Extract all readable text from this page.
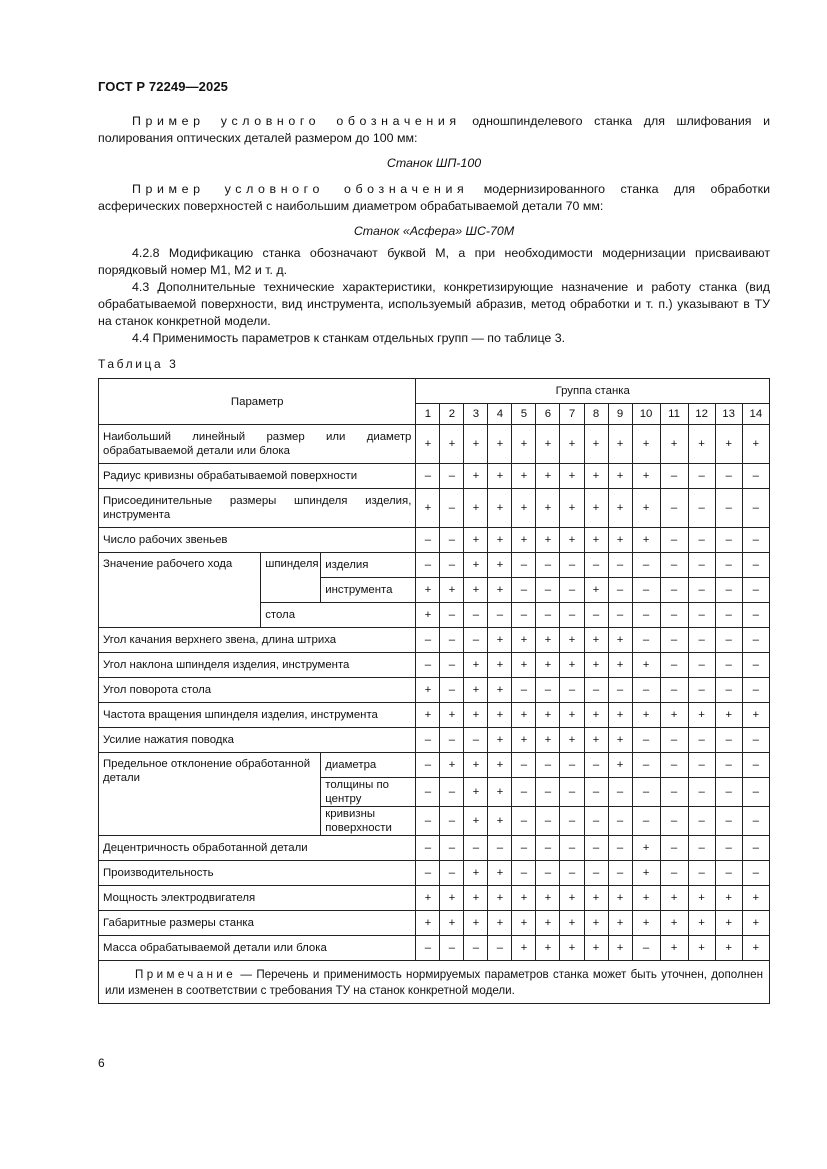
ГОСТ Р 72249—2025

Пример условного обозначения одношпинделевого станка для шлифования и полирования оптических деталей размером до 100 мм:

Станок ШП-100

Пример условного обозначения модернизированного станка для обработки асферических поверхностей с наибольшим диаметром обрабатываемой детали 70 мм:

Станок «Асфера» ШС-70М

4.2.8 Модификацию станка обозначают буквой М, а при необходимости модернизации присваивают порядковый номер М1, М2 и т. д.

4.3 Дополнительные технические характеристики, конкретизирующие назначение и работу станка (вид обрабатываемой поверхности, вид инструмента, используемый абразив, метод обработки и т. п.) указывают в ТУ на станок конкретной модели.

4.4 Применимость параметров к станкам отдельных групп — по таблице 3.

Таблица 3
Параметр			Группа станка													
			1	2	3	4	5	6	7	8	9	10	11	12	13	14
Наибольший линейный размер или диаметр обрабатываемой детали или блока			+	+	+	+	+	+	+	+	+	+	+	+	+	+
Радиус кривизны обрабатываемой поверхности			–	–	+	+	+	+	+	+	+	+	–	–	–	–
Присоединительные размеры шпинделя изделия, инструмента			+	–	+	+	+	+	+	+	+	+	–	–	–	–
Число рабочих звеньев			–	–	+	+	+	+	+	+	+	+	–	–	–	–
Значение рабочего хода	шпинделя	изделия	–	–	+	+	–	–	–	–	–	–	–	–	–	–
		инструмента	+	+	+	+	–	–	–	+	–	–	–	–	–	–
	стола		+	–	–	–	–	–	–	–	–	–	–	–	–	–
Угол качания верхнего звена, длина штриха			–	–	–	+	+	+	+	+	+	–	–	–	–	–
Угол наклона шпинделя изделия, инструмента			–	–	+	+	+	+	+	+	+	+	–	–	–	–
Угол поворота стола			+	–	+	+	–	–	–	–	–	–	–	–	–	–
Частота вращения шпинделя изделия, инструмента			+	+	+	+	+	+	+	+	+	+	+	+	+	+
Усилие нажатия поводка			–	–	–	+	+	+	+	+	+	–	–	–	–	–
Предельное отклонение обработанной детали		диаметра	–	+	+	+	–	–	–	–	+	–	–	–	–	–
		толщины по центру	–	–	+	+	–	–	–	–	–	–	–	–	–	–
		кривизны поверхности	–	–	+	+	–	–	–	–	–	–	–	–	–	–
Децентричность обработанной детали			–	–	–	–	–	–	–	–	–	+	–	–	–	–
Производительность			–	–	+	+	–	–	–	–	–	+	–	–	–	–
Мощность электродвигателя			+	+	+	+	+	+	+	+	+	+	+	+	+	+
Габаритные размеры станка			+	+	+	+	+	+	+	+	+	+	+	+	+	+
Масса обрабатываемой детали или блока			–	–	–	–	+	+	+	+	+	–	+	+	+	+
Примечание — Перечень и применимость нормируемых параметров станка может быть уточнен, дополнен или изменен в соответствии с требования ТУ на станок конкретной модели.																
6
